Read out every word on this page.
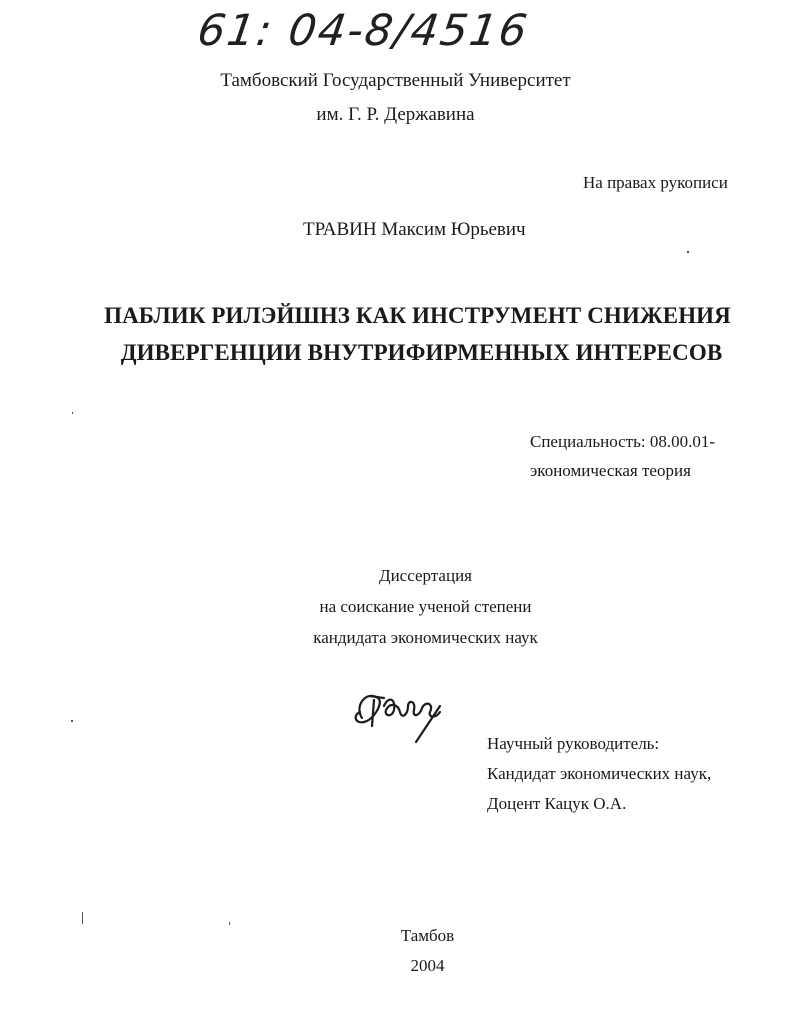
61: 04-8/4516
Тамбовский Государственный Университет
им. Г. Р. Державина
На правах рукописи
ТРАВИН Максим Юрьевич
ПАБЛИК РИЛЭЙШНЗ КАК ИНСТРУМЕНТ СНИЖЕНИЯ
ДИВЕРГЕНЦИИ ВНУТРИФИРМЕННЫХ ИНТЕРЕСОВ
Специальность: 08.00.01-
экономическая теория
Диссертация
на соискание ученой степени
кандидата экономических наук
Научный руководитель:
Кандидат экономических наук,
Доцент Кацук О.А.
Тамбов
2004
